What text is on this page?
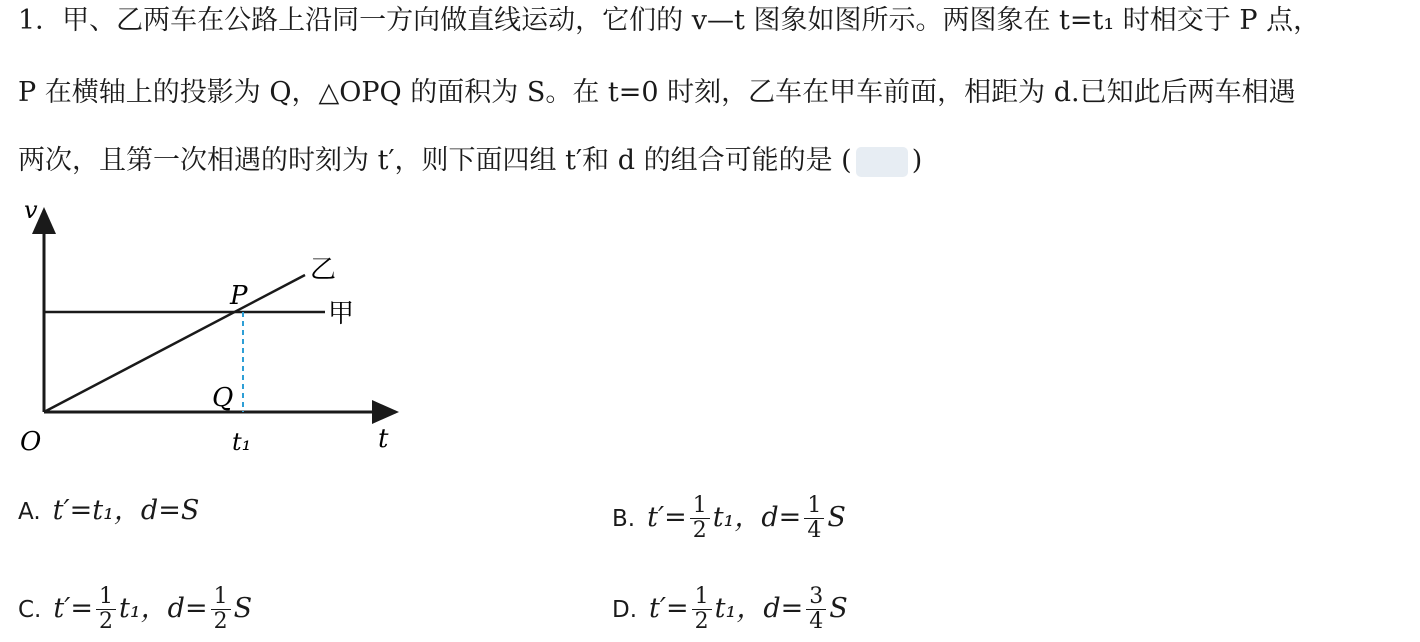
1．甲、乙两车在公路上沿同一方向做直线运动，它们的 v—t 图象如图所示。两图象在 t=t₁ 时相交于 P 点，
P 在横轴上的投影为 Q，△OPQ 的面积为 S。在 t=0 时刻，乙车在甲车前面，相距为 d.已知此后两车相遇
两次，且第一次相遇的时刻为 t′，则下面四组 t′和 d 的组合可能的是 ( )
v
t
O
P
Q
t₁
乙
甲
A. t′=t₁，d=S	B. $t'= \frac{1}{2} t_1$，$d= \frac{1}{4}$ S
C. $t'= \frac{1}{2} t_1$，$d= \frac{1}{2}$ S	D. $t'= \frac{1}{2} t_1$，$d= \frac{3}{4}$ S
